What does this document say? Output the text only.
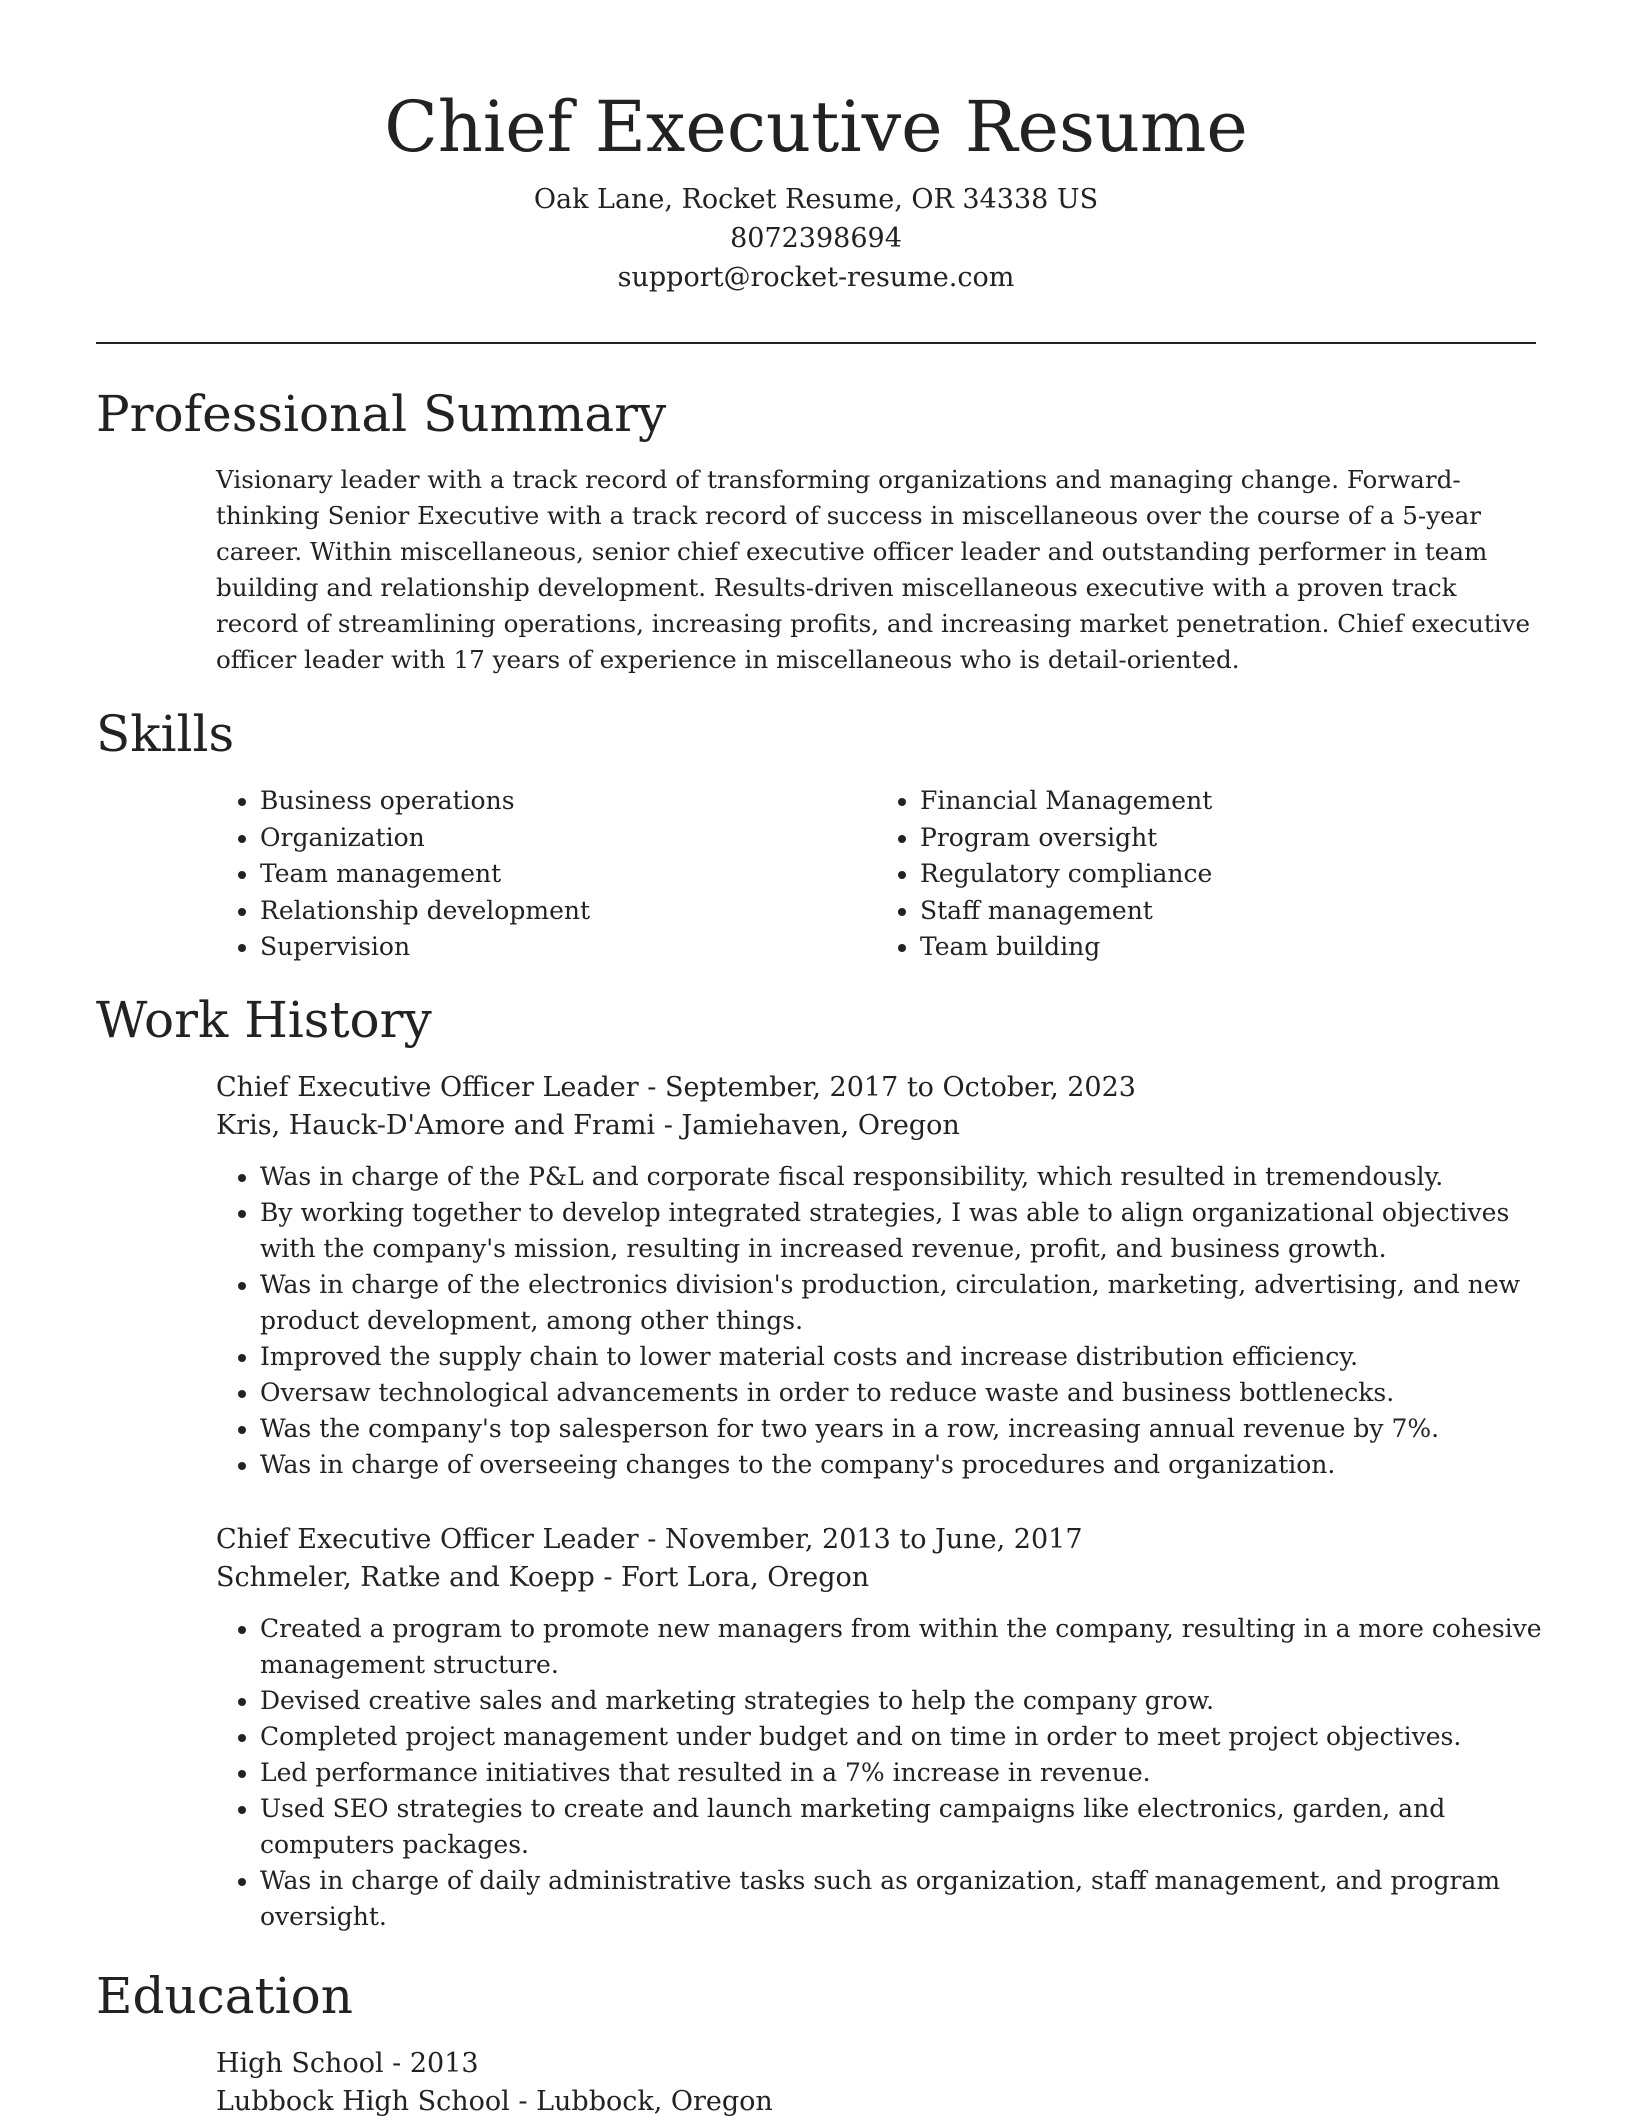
Chief Executive Resume
Oak Lane, Rocket Resume, OR 34338 US
8072398694
support@rocket-resume.com
Professional Summary

Visionary leader with a track record of transforming organizations and managing change. Forward-thinking Senior Executive with a track record of success in miscellaneous over the course of a 5-year career. Within miscellaneous, senior chief executive officer leader and outstanding performer in team building and relationship development. Results-driven miscellaneous executive with a proven track record of streamlining operations, increasing profits, and increasing market penetration. Chief executive officer leader with 17 years of experience in miscellaneous who is detail-oriented.

Skills
• Business operations
• Organization
• Team management
• Relationship development
• Supervision
• Financial Management
• Program oversight
• Regulatory compliance
• Staff management
• Team building
Work History
Chief Executive Officer Leader - September, 2017 to October, 2023
Kris, Hauck-D'Amore and Frami - Jamiehaven, Oregon
• Was in charge of the P&L and corporate fiscal responsibility, which resulted in tremendously.
• By working together to develop integrated strategies, I was able to align organizational objectives with the company's mission, resulting in increased revenue, profit, and business growth.
• Was in charge of the electronics division's production, circulation, marketing, advertising, and new product development, among other things.
• Improved the supply chain to lower material costs and increase distribution efficiency.
• Oversaw technological advancements in order to reduce waste and business bottlenecks.
• Was the company's top salesperson for two years in a row, increasing annual revenue by 7%.
• Was in charge of overseeing changes to the company's procedures and organization.
Chief Executive Officer Leader - November, 2013 to June, 2017
Schmeler, Ratke and Koepp - Fort Lora, Oregon
• Created a program to promote new managers from within the company, resulting in a more cohesive management structure.
• Devised creative sales and marketing strategies to help the company grow.
• Completed project management under budget and on time in order to meet project objectives.
• Led performance initiatives that resulted in a 7% increase in revenue.
• Used SEO strategies to create and launch marketing campaigns like electronics, garden, and computers packages.
• Was in charge of daily administrative tasks such as organization, staff management, and program oversight.
Education
High School - 2013
Lubbock High School - Lubbock, Oregon
